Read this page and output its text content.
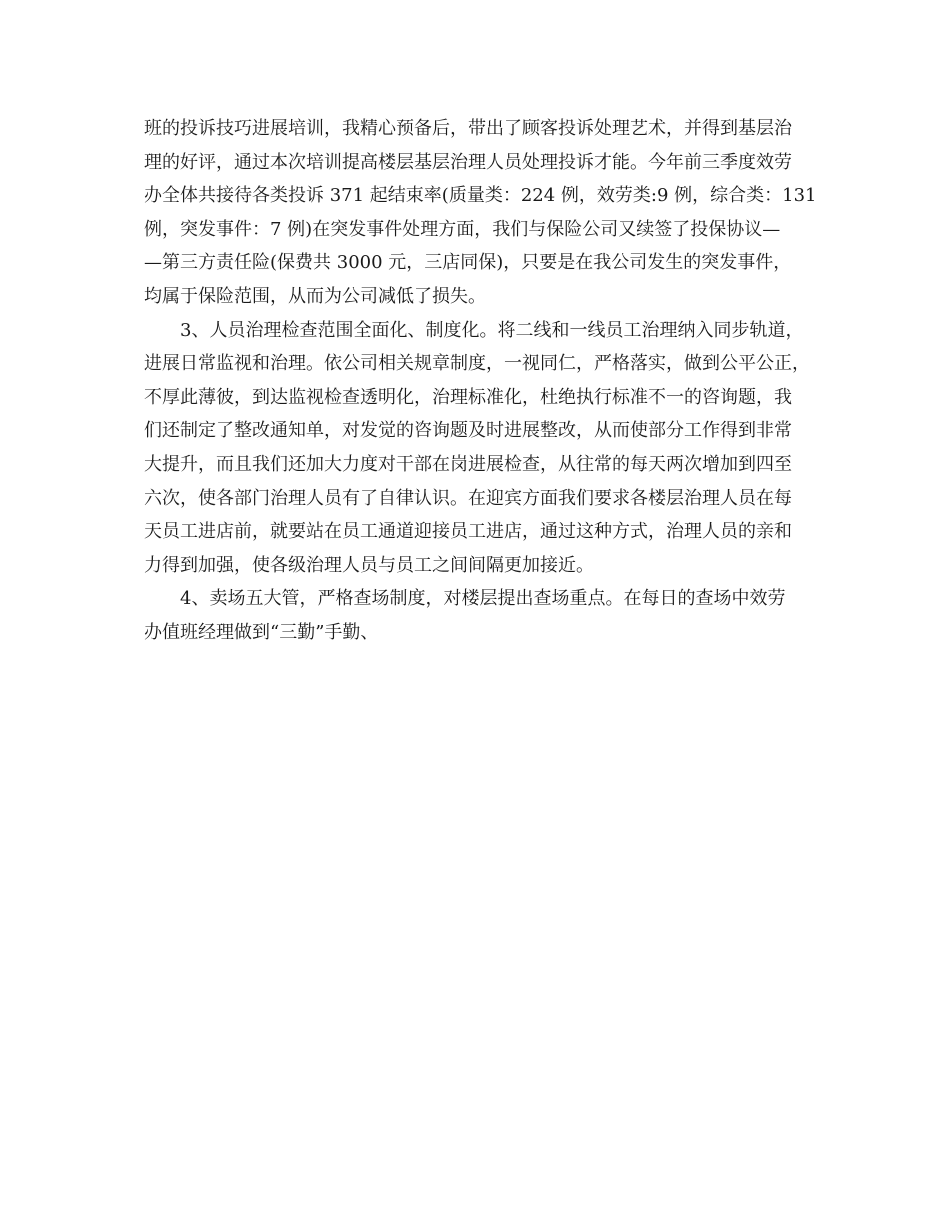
班的投诉技巧进展培训，我精心预备后，带出了顾客投诉处理艺术，并得到基层治
理的好评，通过本次培训提高楼层基层治理人员处理投诉才能。今年前三季度效劳
办全体共接待各类投诉 371 起结束率(质量类：224 例，效劳类:9 例，综合类：131
例，突发事件：7 例)在突发事件处理方面，我们与保险公司又续签了投保协议—
—第三方责任险(保费共 3000 元，三店同保)，只要是在我公司发生的突发事件，
均属于保险范围，从而为公司减低了损失。
3、人员治理检查范围全面化、制度化。将二线和一线员工治理纳入同步轨道，
进展日常监视和治理。依公司相关规章制度，一视同仁，严格落实，做到公平公正，
不厚此薄彼，到达监视检查透明化，治理标准化，杜绝执行标准不一的咨询题，我
们还制定了整改通知单，对发觉的咨询题及时进展整改，从而使部分工作得到非常
大提升，而且我们还加大力度对干部在岗进展检查，从往常的每天两次增加到四至
六次，使各部门治理人员有了自律认识。在迎宾方面我们要求各楼层治理人员在每
天员工进店前，就要站在员工通道迎接员工进店，通过这种方式，治理人员的亲和
力得到加强，使各级治理人员与员工之间间隔更加接近。
4、卖场五大管，严格查场制度，对楼层提出查场重点。在每日的查场中效劳
办值班经理做到“三勤”手勤、
